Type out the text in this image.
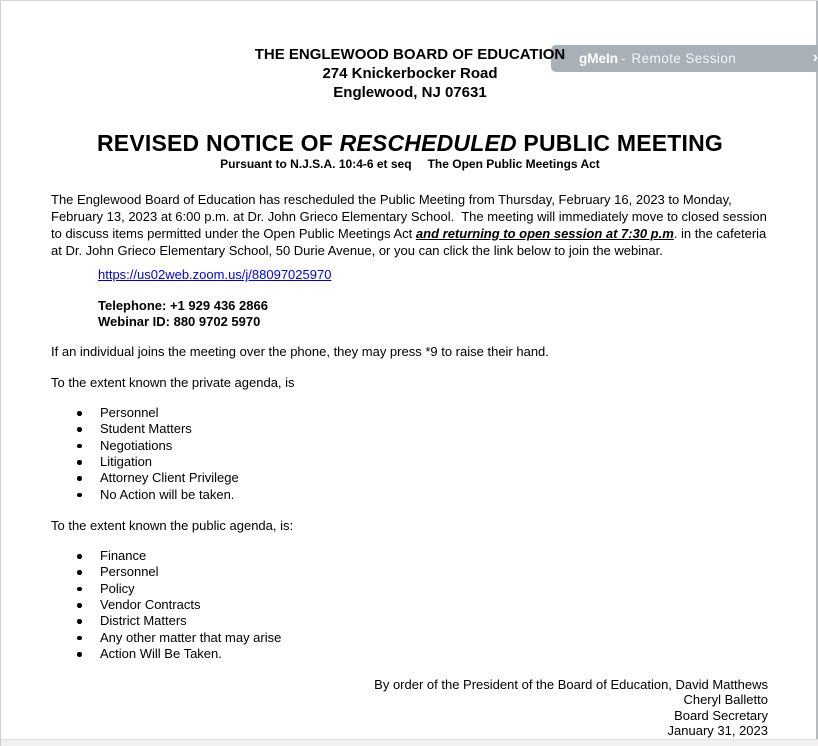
gMeIn - Remote Session	›
THE ENGLEWOOD BOARD OF EDUCATION
274 Knickerbocker Road
Englewood, NJ 07631
REVISED NOTICE OF RESCHEDULED PUBLIC MEETING
Pursuant to N.J.S.A. 10:4-6 et seq The Open Public Meetings Act
The Englewood Board of Education has rescheduled the Public Meeting from Thursday, February 16, 2023 to Monday, February 13, 2023 at 6:00 p.m. at Dr. John Grieco Elementary School.  The meeting will immediately move to closed session to discuss items permitted under the Open Public Meetings Act and returning to open session at 7:30 p.m. in the cafeteria at Dr. John Grieco Elementary School, 50 Durie Avenue, or you can click the link below to join the webinar.
https://us02web.zoom.us/j/88097025970
Telephone: +1 929 436 2866
Webinar ID: 880 9702 5970
If an individual joins the meeting over the phone, they may press *9 to raise their hand.
To the extent known the private agenda, is
Personnel
Student Matters
Negotiations
Litigation
Attorney Client Privilege
No Action will be taken.
To the extent known the public agenda, is:
Finance
Personnel
Policy
Vendor Contracts
District Matters
Any other matter that may arise
Action Will Be Taken.
By order of the President of the Board of Education, David Matthews
Cheryl Balletto
Board Secretary
January 31, 2023
